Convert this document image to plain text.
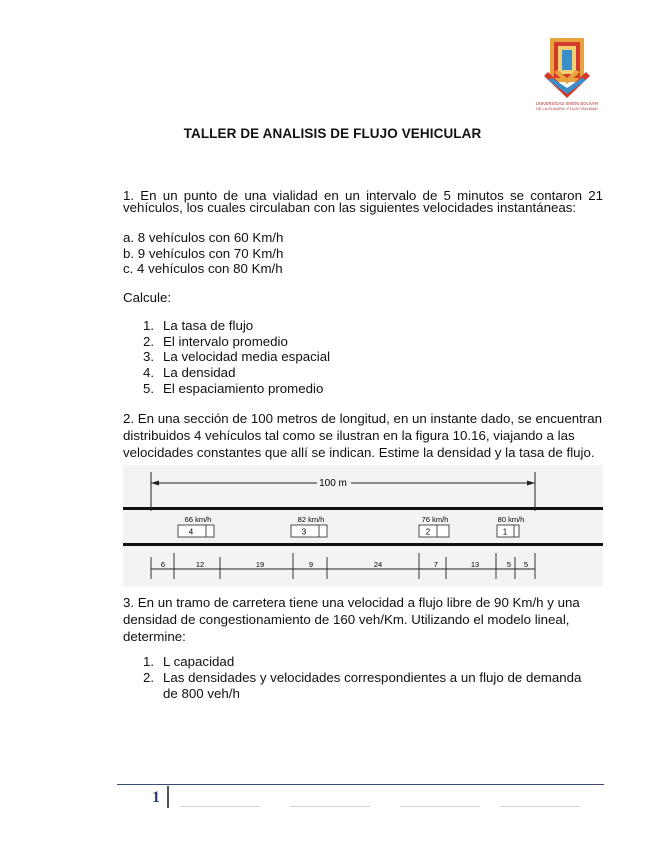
UNIVERSIDAD SIMÓN BOLÍVAR
DE LA GUAJIRA / FLUJO VIALIDAD
TALLER DE ANALISIS DE FLUJO VEHICULAR
1. En un punto de una vialidad en un intervalo de 5 minutos se contaron 21
vehículos, los cuales circulaban con las siguientes velocidades instantáneas:
a. 8 vehículos con 60 Km/h
b. 9 vehículos con 70 Km/h
c. 4 vehículos con 80 Km/h
Calcule:
1. La tasa de flujo
2. El intervalo promedio
3. La velocidad media espacial
4. La densidad
5. El espaciamiento promedio
2. En una sección de 100 metros de longitud, en un instante dado, se encuentran distribuidos 4 vehículos tal como se ilustran en la figura 10.16, viajando a las velocidades constantes que allí se indican. Estime la densidad y la tasa de flujo.
100 m
66 km/h
4
82 km/h
3
76 km/h
2
80 km/h
1
6	12	19	9	24	7	13	5 5
3. En un tramo de carretera tiene una velocidad a flujo libre de 90 Km/h y una densidad de congestionamiento de 160 veh/Km. Utilizando el modelo lineal, determine:
1. L capacidad
2. Las densidades y velocidades correspondientes a un flujo de demanda de 800 veh/h
1
